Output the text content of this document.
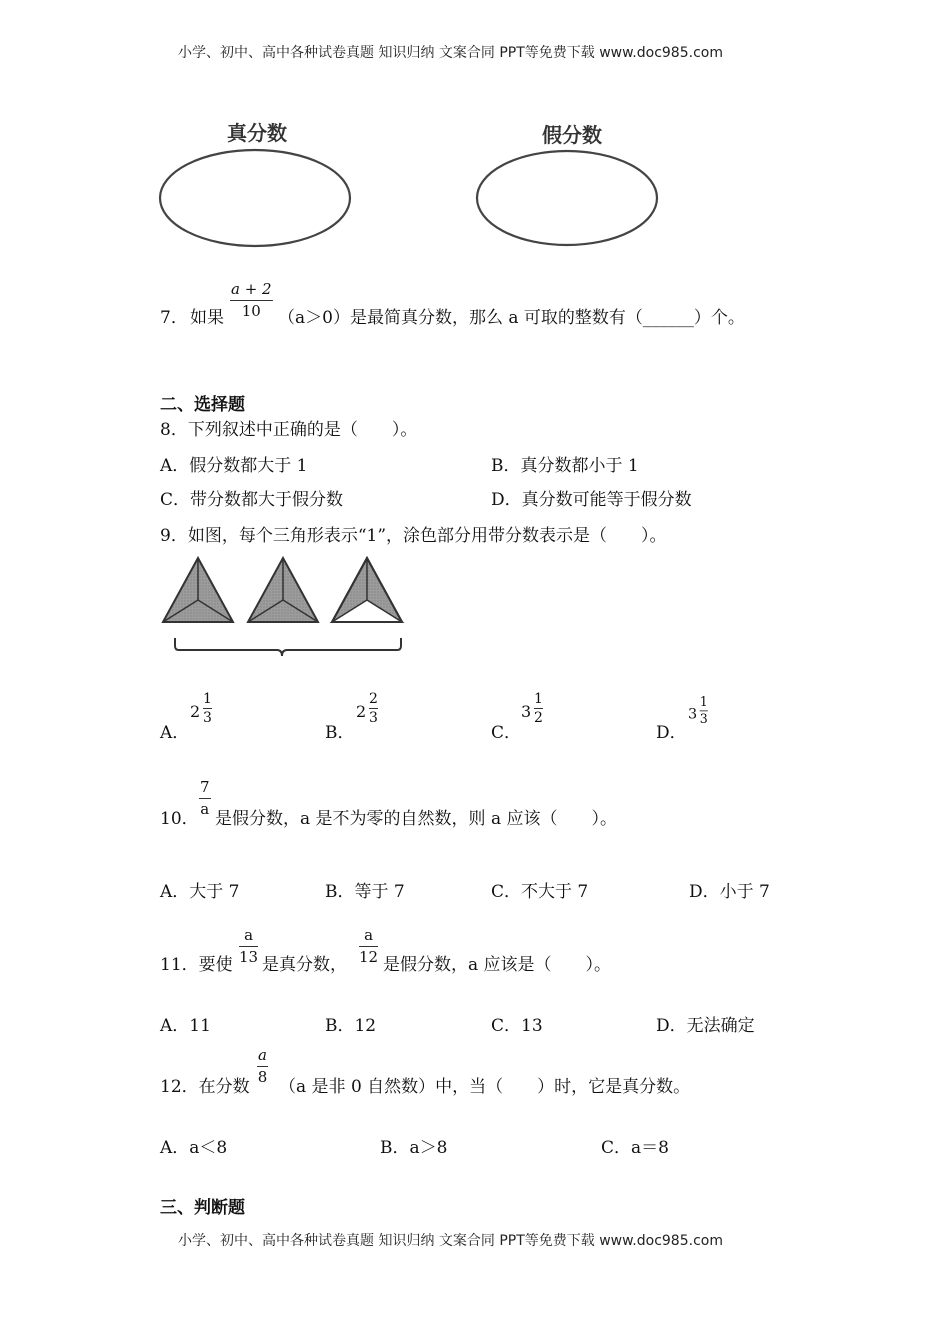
小学、初中、高中各种试卷真题 知识归纳 文案合同 PPT等免费下载 www.doc985.com
真分数	假分数
7． 如果
a + 2
10	（a＞0）是最简真分数，那么 a 可取的整数有（______）个。
二、选择题
8．下列叙述中正确的是（　　）。
A．假分数都大于 1	B．真分数都小于 1
C．带分数都大于假分数	D．真分数可能等于假分数
9．如图，每个三角形表示“1”，涂色部分用带分数表示是（　　）。
A．
2
1
3
B．
2
2
3
C．
3
1
2
D．
3
1
3
10．
7
a 是假分数，a 是不为零的自然数，则 a 应该（　　）。
A．大于 7	B．等于 7	C．不大于 7	D．小于 7
11．要使
a
13 是真分数，
a
12 是假分数，a 应该是（　　）。
A．11	B．12	C．13	D．无法确定
12．在分数
a
8 （a 是非 0 自然数）中，当（　　）时，它是真分数。
A．a＜8	B．a＞8	C．a＝8
三、判断题
小学、初中、高中各种试卷真题 知识归纳 文案合同 PPT等免费下载 www.doc985.com
